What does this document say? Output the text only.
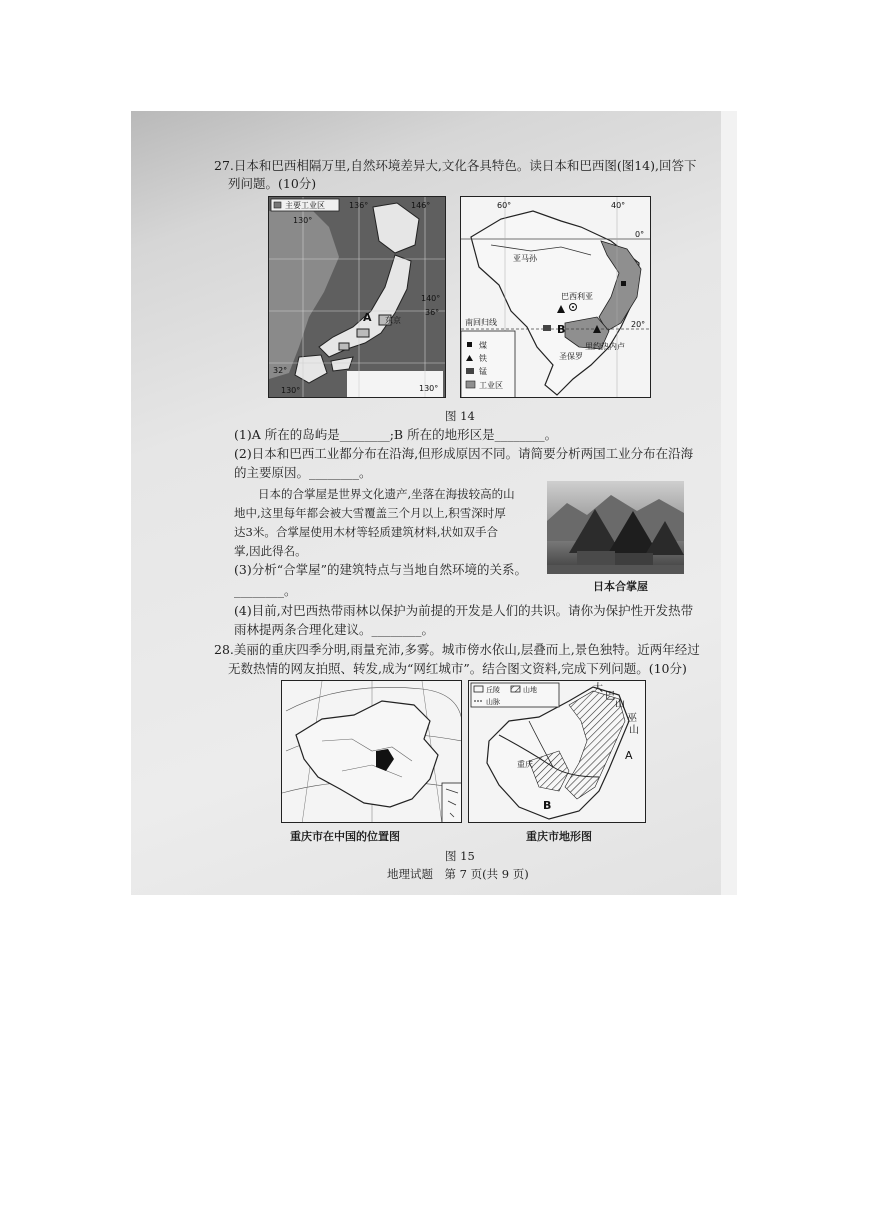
27.日本和巴西相隔万里,自然环境差异大,文化各具特色。读日本和巴西图(图14),回答下
列问题。(10分)
主要工业区
130°
136°	146°
140°
36°
32°
130°	130°
A 东京
煤
铁
锰
工业区
60°	40°
0°
20°
亚马孙
巴西利亚
南回归线
B
里约热内卢
圣保罗
图 14
(1)A 所在的岛屿是________;B 所在的地形区是________。
(2)日本和巴西工业都分布在沿海,但形成原因不同。请简要分析两国工业分布在沿海
的主要原因。________。
日本的合掌屋是世界文化遗产,坐落在海拔较高的山
地中,这里每年都会被大雪覆盖三个月以上,积雪深时厚
达3米。合掌屋使用木材等轻质建筑材料,状如双手合
掌,因此得名。
日本合掌屋
(3)分析“合掌屋”的建筑特点与当地自然环境的关系。
________。
(4)目前,对巴西热带雨林以保护为前提的开发是人们的共识。请你为保护性开发热带
雨林提两条合理化建议。________。
28.美丽的重庆四季分明,雨量充沛,多雾。城市傍水依山,层叠而上,景色独特。近两年经过
无数热情的网友拍照、转发,成为“网红城市”。结合图文资料,完成下列问题。(10分)
丘陵	山地
山脉
重庆
A
B
大
巴
山
巫
山
重庆市在中国的位置图	重庆市地形图
图 15
地理试题　第 7 页(共 9 页)
